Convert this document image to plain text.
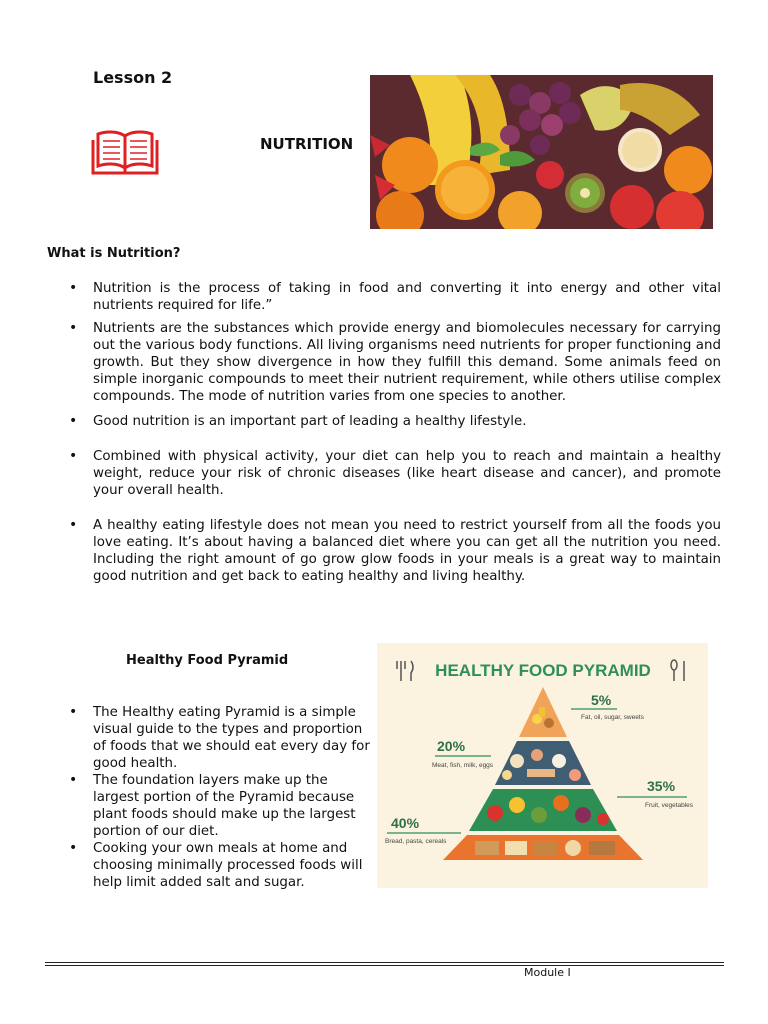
Lesson 2
NUTRITION
What is Nutrition?
• Nutrition is the process of taking in food and converting it into energy and other vital nutrients required for life.”
• Nutrients are the substances which provide energy and biomolecules necessary for carrying out the various body functions. All living organisms need nutrients for proper functioning and growth. But they show divergence in how they fulfill this demand. Some animals feed on simple inorganic compounds to meet their nutrient requirement, while others utilise complex compounds. The mode of nutrition varies from one species to another.
• Good nutrition is an important part of leading a healthy lifestyle.
• Combined with physical activity, your diet can help you to reach and maintain a healthy weight, reduce your risk of chronic diseases (like heart disease and cancer), and promote your overall health.
• A healthy eating lifestyle does not mean you need to restrict yourself from all the foods you love eating. It’s about having a balanced diet where you can get all the nutrition you need. Including the right amount of go grow glow foods in your meals is a great way to maintain good nutrition and get back to eating healthy and living healthy.
Healthy Food Pyramid
• The Healthy eating Pyramid is a simple visual guide to the types and proportion of foods that we should eat every day for good health.
• The foundation layers make up the largest portion of the Pyramid because plant foods should make up the largest portion of our diet.
• Cooking your own meals at home and choosing minimally processed foods will help limit added salt and sugar.
HEALTHY FOOD PYRAMID
5%
Fat, oil, sugar, sweets
20%
Meat, fish, milk, eggs
35%
Fruit, vegetables
40%
Bread, pasta, cereals
Module I
